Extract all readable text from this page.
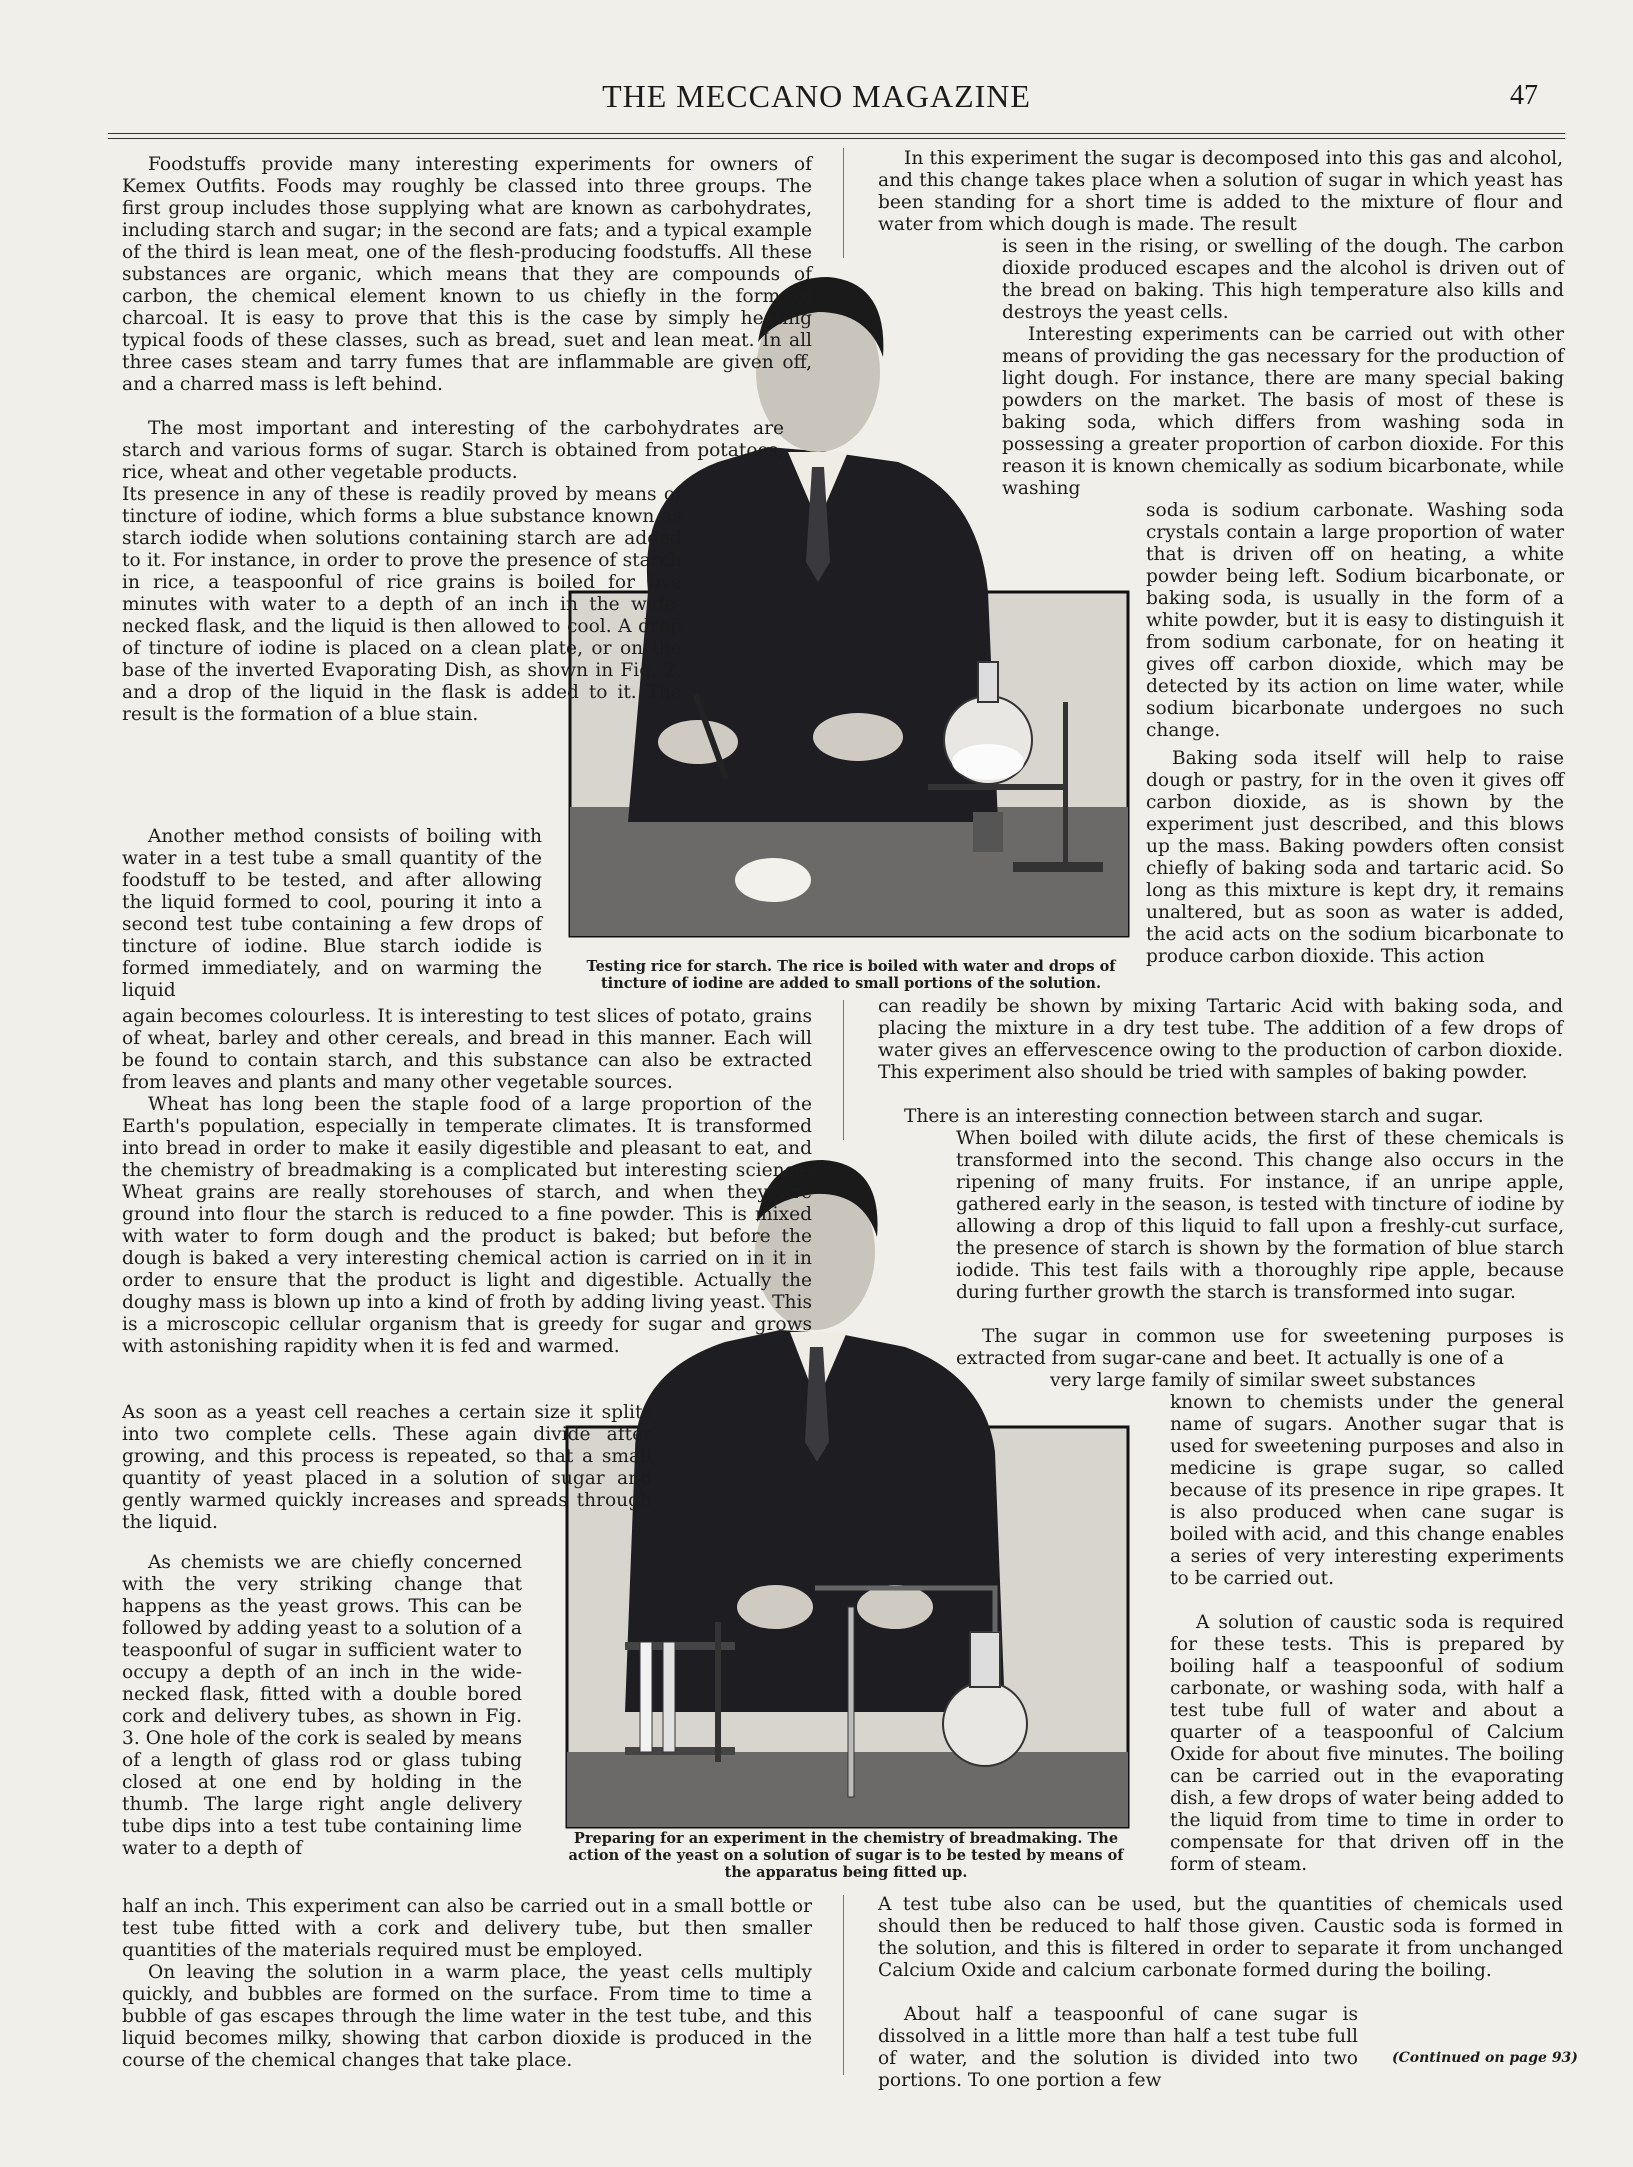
THE MECCANO MAGAZINE	47

Testing rice for starch. The rice is boiled with water and drops of tincture of iodine are added to small portions of the solution.

Preparing for an experiment in the chemistry of breadmaking. The action of the yeast on a solution of sugar is to be tested by means of the apparatus being fitted up.

Foodstuffs provide many interesting experiments for owners of Kemex Outfits. Foods may roughly be classed into three groups. The first group includes those supplying what are known as carbohydrates, including starch and sugar; in the second are fats; and a typical example of the third is lean meat, one of the flesh-producing foodstuffs. All these substances are organic, which means that they are compounds of carbon, the chemical element known to us chiefly in the form of charcoal. It is easy to prove that this is the case by simply heating typical foods of these classes, such as bread, suet and lean meat. In all three cases steam and tarry fumes that are inflammable are given off, and a charred mass is left behind.

The most important and interesting of the carbohydrates are starch and various forms of sugar. Starch is obtained from potatoes, rice, wheat and other vegetable products.

Its presence in any of these is readily proved by means of tincture of iodine, which forms a blue substance known as starch iodide when solutions containing starch are added to it. For instance, in order to prove the presence of starch in rice, a teaspoonful of rice grains is boiled for five minutes with water to a depth of an inch in the wide-necked flask, and the liquid is then allowed to cool. A drop of tincture of iodine is placed on a clean plate, or on the base of the inverted Evaporating Dish, as shown in Fig. 2, and a drop of the liquid in the flask is added to it. The result is the formation of a blue stain.

Another method consists of boiling with water in a test tube a small quantity of the foodstuff to be tested, and after allowing the liquid formed to cool, pouring it into a second test tube containing a few drops of tincture of iodine. Blue starch iodide is formed immediately, and on warming the liquid

again becomes colourless. It is interesting to test slices of potato, grains of wheat, barley and other cereals, and bread in this manner. Each will be found to contain starch, and this substance can also be extracted from leaves and plants and many other vegetable sources.

Wheat has long been the staple food of a large proportion of the Earth's population, especially in temperate climates. It is transformed into bread in order to make it easily digestible and pleasant to eat, and the chemistry of breadmaking is a complicated but interesting science. Wheat grains are really storehouses of starch, and when they are ground into flour the starch is reduced to a fine powder. This is mixed with water to form dough and the product is baked; but before the dough is baked a very interesting chemical action is carried on in it in order to ensure that the product is light and digestible. Actually the doughy mass is blown up into a kind of froth by adding living yeast. This is a microscopic cellular organism that is greedy for sugar and grows with astonishing rapidity when it is fed and warmed.

As soon as a yeast cell reaches a certain size it splits into two complete cells. These again divide after growing, and this process is repeated, so that a small quantity of yeast placed in a solution of sugar and gently warmed quickly increases and spreads through the liquid.

As chemists we are chiefly concerned with the very striking change that happens as the yeast grows. This can be followed by adding yeast to a solution of a teaspoonful of sugar in sufficient water to occupy a depth of an inch in the wide-necked flask, fitted with a double bored cork and delivery tubes, as shown in Fig. 3. One hole of the cork is sealed by means of a length of glass rod or glass tubing closed at one end by holding in the thumb. The large right angle delivery tube dips into a test tube containing lime water to a depth of

half an inch. This experiment can also be carried out in a small bottle or test tube fitted with a cork and delivery tube, but then smaller quantities of the materials required must be employed.

On leaving the solution in a warm place, the yeast cells multiply quickly, and bubbles are formed on the surface. From time to time a bubble of gas escapes through the lime water in the test tube, and this liquid becomes milky, showing that carbon dioxide is produced in the course of the chemical changes that take place.

In this experiment the sugar is decomposed into this gas and alcohol, and this change takes place when a solution of sugar in which yeast has been standing for a short time is added to the mixture of flour and water from which dough is made. The result

is seen in the rising, or swelling of the dough. The carbon dioxide produced escapes and the alcohol is driven out of the bread on baking. This high temperature also kills and destroys the yeast cells.

Interesting experiments can be carried out with other means of providing the gas necessary for the production of light dough. For instance, there are many special baking powders on the market. The basis of most of these is baking soda, which differs from washing soda in possessing a greater proportion of carbon dioxide. For this reason it is known chemically as sodium bicarbonate, while washing

soda is sodium carbonate. Washing soda crystals contain a large proportion of water that is driven off on heating, a white powder being left. Sodium bicarbonate, or baking soda, is usually in the form of a white powder, but it is easy to distinguish it from sodium carbonate, for on heating it gives off carbon dioxide, which may be detected by its action on lime water, while sodium bicarbonate undergoes no such change.

Baking soda itself will help to raise dough or pastry, for in the oven it gives off carbon dioxide, as is shown by the experiment just described, and this blows up the mass. Baking powders often consist chiefly of baking soda and tartaric acid. So long as this mixture is kept dry, it remains unaltered, but as soon as water is added, the acid acts on the sodium bicarbonate to produce carbon dioxide. This action

can readily be shown by mixing Tartaric Acid with baking soda, and placing the mixture in a dry test tube. The addition of a few drops of water gives an effervescence owing to the production of carbon dioxide. This experiment also should be tried with samples of baking powder.

There is an interesting connection between starch and sugar.

When boiled with dilute acids, the first of these chemicals is transformed into the second. This change also occurs in the ripening of many fruits. For instance, if an unripe apple, gathered early in the season, is tested with tincture of iodine by allowing a drop of this liquid to fall upon a freshly-cut surface, the presence of starch is shown by the formation of blue starch iodide. This test fails with a thoroughly ripe apple, because during further growth the starch is transformed into sugar.

The sugar in common use for sweetening purposes is extracted from sugar-cane and beet. It actually is one of a

very large family of similar sweet substances

known to chemists under the general name of sugars. Another sugar that is used for sweetening purposes and also in medicine is grape sugar, so called because of its presence in ripe grapes. It is also produced when cane sugar is boiled with acid, and this change enables a series of very interesting experiments to be carried out.

A solution of caustic soda is required for these tests. This is prepared by boiling half a teaspoonful of sodium carbonate, or washing soda, with half a test tube full of water and about a quarter of a teaspoonful of Calcium Oxide for about five minutes. The boiling can be carried out in the evaporating dish, a few drops of water being added to the liquid from time to time in order to compensate for that driven off in the form of steam.

A test tube also can be used, but the quantities of chemicals used should then be reduced to half those given. Caustic soda is formed in the solution, and this is filtered in order to separate it from unchanged Calcium Oxide and calcium carbonate formed during the boiling.

About half a teaspoonful of cane sugar is dissolved in a little more than half a test tube full of water, and the solution is divided into two portions. To one portion a few

(Continued on page 93)
